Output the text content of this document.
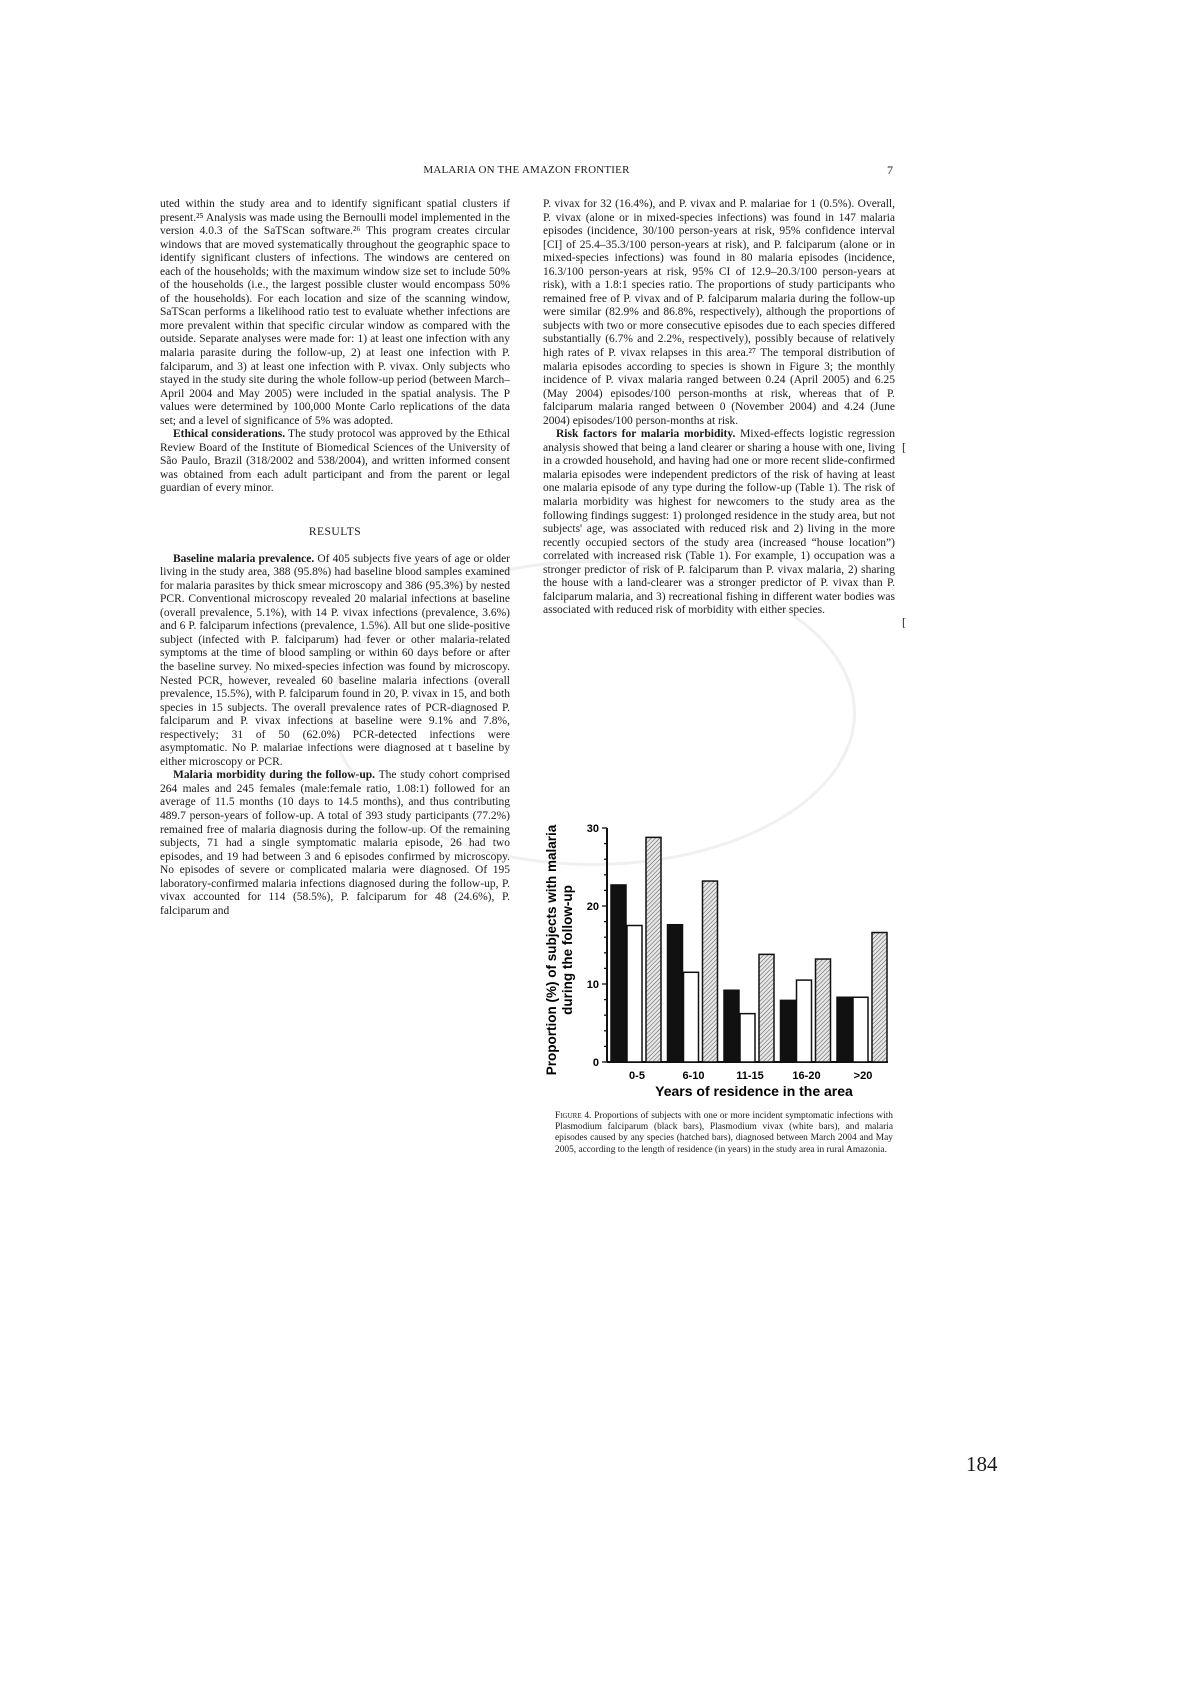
MALARIA ON THE AMAZON FRONTIER	7

uted within the study area and to identify significant spatial clusters if present.²⁵ Analysis was made using the Bernoulli model implemented in the version 4.0.3 of the SaTScan software.²⁶ This program creates circular windows that are moved systematically throughout the geographic space to identify significant clusters of infections. The windows are centered on each of the households; with the maximum window size set to include 50% of the households (i.e., the largest possible cluster would encompass 50% of the households). For each location and size of the scanning window, SaTScan performs a likelihood ratio test to evaluate whether infections are more prevalent within that specific circular window as compared with the outside. Separate analyses were made for: 1) at least one infection with any malaria parasite during the follow-up, 2) at least one infection with P. falciparum, and 3) at least one infection with P. vivax. Only subjects who stayed in the study site during the whole follow-up period (between March–April 2004 and May 2005) were included in the spatial analysis. The P values were determined by 100,000 Monte Carlo replications of the data set; and a level of significance of 5% was adopted.

Ethical considerations. The study protocol was approved by the Ethical Review Board of the Institute of Biomedical Sciences of the University of São Paulo, Brazil (318/2002 and 538/2004), and written informed consent was obtained from each adult participant and from the parent or legal guardian of every minor.

RESULTS

Baseline malaria prevalence. Of 405 subjects five years of age or older living in the study area, 388 (95.8%) had baseline blood samples examined for malaria parasites by thick smear microscopy and 386 (95.3%) by nested PCR. Conventional microscopy revealed 20 malarial infections at baseline (overall prevalence, 5.1%), with 14 P. vivax infections (prevalence, 3.6%) and 6 P. falciparum infections (prevalence, 1.5%). All but one slide-positive subject (infected with P. falciparum) had fever or other malaria-related symptoms at the time of blood sampling or within 60 days before or after the baseline survey. No mixed-species infection was found by microscopy. Nested PCR, however, revealed 60 baseline malaria infections (overall prevalence, 15.5%), with P. falciparum found in 20, P. vivax in 15, and both species in 15 subjects. The overall prevalence rates of PCR-diagnosed P. falciparum and P. vivax infections at baseline were 9.1% and 7.8%, respectively; 31 of 50 (62.0%) PCR-detected infections were asymptomatic. No P. malariae infections were diagnosed at t baseline by either microscopy or PCR.

Malaria morbidity during the follow-up. The study cohort comprised 264 males and 245 females (male:female ratio, 1.08:1) followed for an average of 11.5 months (10 days to 14.5 months), and thus contributing 489.7 person-years of follow-up. A total of 393 study participants (77.2%) remained free of malaria diagnosis during the follow-up. Of the remaining subjects, 71 had a single symptomatic malaria episode, 26 had two episodes, and 19 had between 3 and 6 episodes confirmed by microscopy. No episodes of severe or complicated malaria were diagnosed. Of 195 laboratory-confirmed malaria infections diagnosed during the follow-up, P. vivax accounted for 114 (58.5%), P. falciparum for 48 (24.6%), P. falciparum and

P. vivax for 32 (16.4%), and P. vivax and P. malariae for 1 (0.5%). Overall, P. vivax (alone or in mixed-species infections) was found in 147 malaria episodes (incidence, 30/100 person-years at risk, 95% confidence interval [CI] of 25.4–35.3/100 person-years at risk), and P. falciparum (alone or in mixed-species infections) was found in 80 malaria episodes (incidence, 16.3/100 person-years at risk, 95% CI of 12.9–20.3/100 person-years at risk), with a 1.8:1 species ratio. The proportions of study participants who remained free of P. vivax and of P. falciparum malaria during the follow-up were similar (82.9% and 86.8%, respectively), although the proportions of subjects with two or more consecutive episodes due to each species differed substantially (6.7% and 2.2%, respectively), possibly because of relatively high rates of P. vivax relapses in this area.²⁷ The temporal distribution of malaria episodes according to species is shown in Figure 3; the monthly incidence of P. vivax malaria ranged between 0.24 (April 2005) and 6.25 (May 2004) episodes/100 person-months at risk, whereas that of P. falciparum malaria ranged between 0 (November 2004) and 4.24 (June 2004) episodes/100 person-months at risk.

Risk factors for malaria morbidity. Mixed-effects logistic regression analysis showed that being a land clearer or sharing a house with one, living in a crowded household, and having had one or more recent slide-confirmed malaria episodes were independent predictors of the risk of having at least one malaria episode of any type during the follow-up (Table 1). The risk of malaria morbidity was highest for newcomers to the study area as the following findings suggest: 1) prolonged residence in the study area, but not subjects' age, was associated with reduced risk and 2) living in the more recently occupied sectors of the study area (increased “house location”) correlated with increased risk (Table 1). For example, 1) occupation was a stronger predictor of risk of P. falciparum than P. vivax malaria, 2) sharing the house with a land-clearer was a stronger predictor of P. vivax than P. falciparum malaria, and 3) recreational fishing in different water bodies was associated with reduced risk of morbidity with either species.

[
[
Proportion (%) of subjects with malaria during the follow-up
Years of residence in the area
0
10
20
30
0-5	6-10	11-15	16-20	>20
Figure 4. Proportions of subjects with one or more incident symptomatic infections with Plasmodium falciparum (black bars), Plasmodium vivax (white bars), and malaria episodes caused by any species (hatched bars), diagnosed between March 2004 and May 2005, according to the length of residence (in years) in the study area in rural Amazonia.
184
